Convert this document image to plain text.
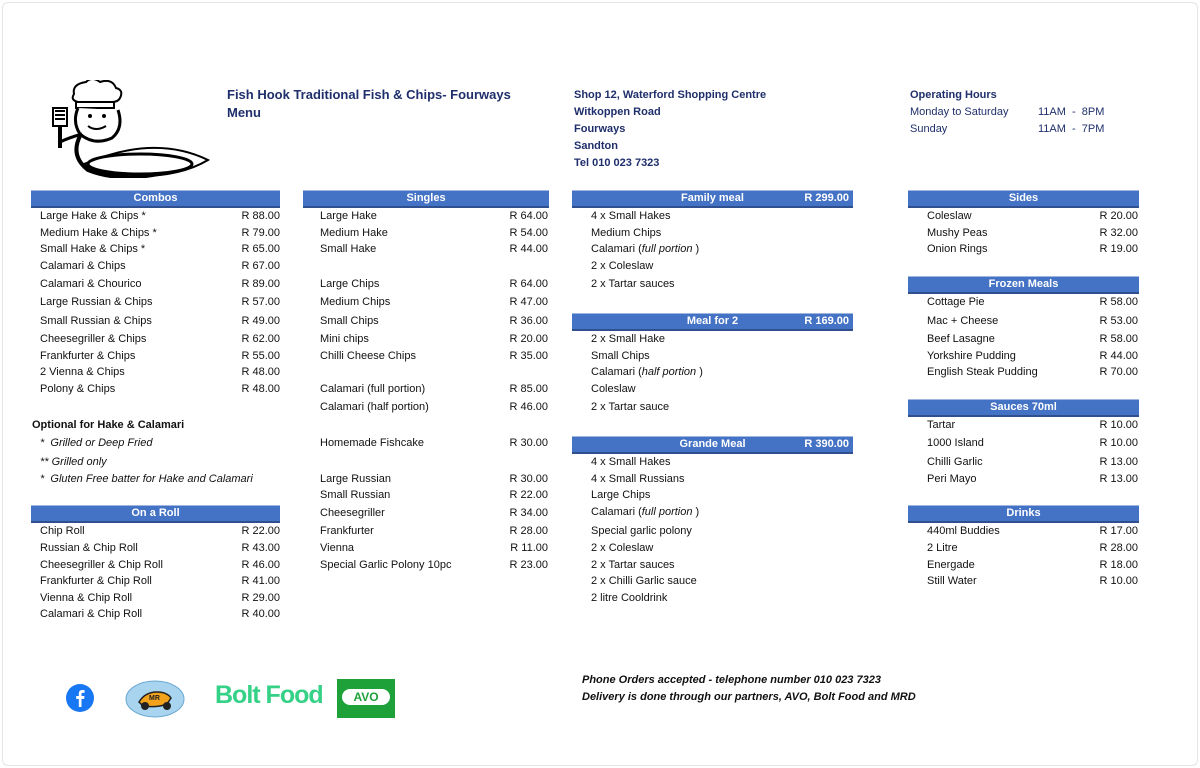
Fish Hook Traditional Fish & Chips- Fourways
Menu
Shop 12, Waterford Shopping Centre
Witkoppen Road
Fourways
Sandton
Tel 010 023 7323
Operating Hours
Monday to Saturday	11AM  -  8PM
Sunday	11AM  -  7PM
Combos
Large Hake & Chips *	R 88.00
Medium Hake & Chips *	R 79.00
Small Hake & Chips *	R 65.00
Calamari & Chips	R 67.00
Calamari & Chourico	R 89.00
Large Russian & Chips	R 57.00
Small Russian & Chips	R 49.00
Cheesegriller & Chips	R 62.00
Frankfurter & Chips	R 55.00
2 Vienna & Chips	R 48.00
Polony & Chips	R 48.00
Optional for Hake & Calamari
*  Grilled or Deep Fried
** Grilled only
*  Gluten Free batter for Hake and Calamari
On a Roll
Chip Roll	R 22.00
Russian & Chip Roll	R 43.00
Cheesegriller & Chip Roll	R 46.00
Frankfurter & Chip Roll	R 41.00
Vienna & Chip Roll	R 29.00
Calamari & Chip Roll	R 40.00
Singles
Large Hake	R 64.00
Medium Hake	R 54.00
Small Hake	R 44.00
Large Chips	R 64.00
Medium Chips	R 47.00
Small Chips	R 36.00
Mini chips	R 20.00
Chilli Cheese Chips	R 35.00
Calamari (full portion)	R 85.00
Calamari (half portion)	R 46.00
Homemade Fishcake	R 30.00
Large Russian	R 30.00
Small Russian	R 22.00
Cheesegriller	R 34.00
Frankfurter	R 28.00
Vienna	R 11.00
Special Garlic Polony 10pc	R 23.00
Family meal	R 299.00
4 x Small Hakes
Medium Chips
Calamari (full portion )
2 x Coleslaw
2 x Tartar sauces
Meal for 2	R 169.00
2 x Small Hake
Small Chips
Calamari (half portion )
Coleslaw
2 x Tartar sauce
Grande Meal	R 390.00
4 x Small Hakes
4 x Small Russians
Large Chips
Calamari (full portion )
Special garlic polony
2 x Coleslaw
2 x Tartar sauces
2 x Chilli Garlic sauce
2 litre Cooldrink
Sides
Coleslaw	R 20.00
Mushy Peas	R 32.00
Onion Rings	R 19.00
Frozen Meals
Cottage Pie	R 58.00
Mac + Cheese	R 53.00
Beef Lasagne	R 58.00
Yorkshire Pudding	R 44.00
English Steak Pudding	R 70.00
Sauces 70ml
Tartar	R 10.00
1000 Island	R 10.00
Chilli Garlic	R 13.00
Peri Mayo	R 13.00
Drinks
440ml Buddies	R 17.00
2 Litre	R 28.00
Energade	R 18.00
Still Water	R 10.00
MR Bolt Food	AVO
Phone Orders accepted - telephone number 010 023 7323
Delivery is done through our partners, AVO, Bolt Food and MRD
